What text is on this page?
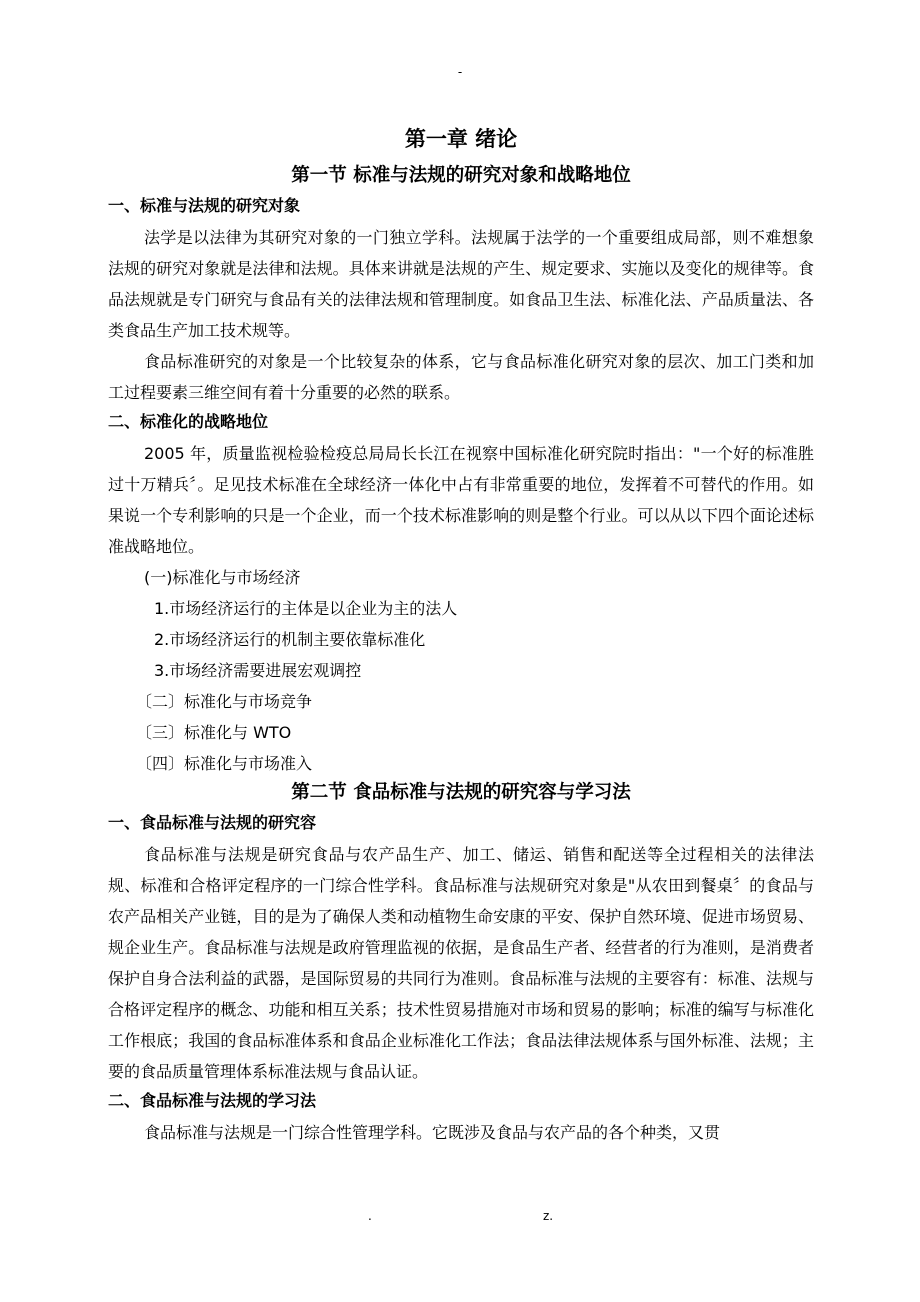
-
第一章 绪论
第一节 标准与法规的研究对象和战略地位
一、标准与法规的研究对象

法学是以法律为其研究对象的一门独立学科。法规属于法学的一个重要组成局部，则不难想象法规的研究对象就是法律和法规。具体来讲就是法规的产生、规定要求、实施以及变化的规律等。食品法规就是专门研究与食品有关的法律法规和管理制度。如食品卫生法、标准化法、产品质量法、各类食品生产加工技术规等。

食品标准研究的对象是一个比较复杂的体系，它与食品标准化研究对象的层次、加工门类和加工过程要素三维空间有着十分重要的必然的联系。

二、标准化的战略地位

2005 年，质量监视检验检疫总局局长长江在视察中国标准化研究院时指出："一个好的标准胜过十万精兵〞。足见技术标准在全球经济一体化中占有非常重要的地位，发挥着不可替代的作用。如果说一个专利影响的只是一个企业，而一个技术标准影响的则是整个行业。可以从以下四个面论述标准战略地位。

(一)标准化与市场经济
1.市场经济运行的主体是以企业为主的法人
2.市场经济运行的机制主要依靠标准化
3.市场经济需要进展宏观调控
〔二〕标准化与市场竞争
〔三〕标准化与 WTO
〔四〕标准化与市场准入
第二节 食品标准与法规的研究容与学习法
一、食品标准与法规的研究容

食品标准与法规是研究食品与农产品生产、加工、储运、销售和配送等全过程相关的法律法规、标准和合格评定程序的一门综合性学科。食品标准与法规研究对象是"从农田到餐桌〞的食品与农产品相关产业链，目的是为了确保人类和动植物生命安康的平安、保护自然环境、促进市场贸易、规企业生产。食品标准与法规是政府管理监视的依据，是食品生产者、经营者的行为准则，是消费者保护自身合法利益的武器，是国际贸易的共同行为准则。食品标准与法规的主要容有：标准、法规与合格评定程序的概念、功能和相互关系；技术性贸易措施对市场和贸易的影响；标准的编写与标准化工作根底；我国的食品标准体系和食品企业标准化工作法；食品法律法规体系与国外标准、法规；主要的食品质量管理体系标准法规与食品认证。

二、食品标准与法规的学习法

食品标准与法规是一门综合性管理学科。它既涉及食品与农产品的各个种类，又贯

.	z.
